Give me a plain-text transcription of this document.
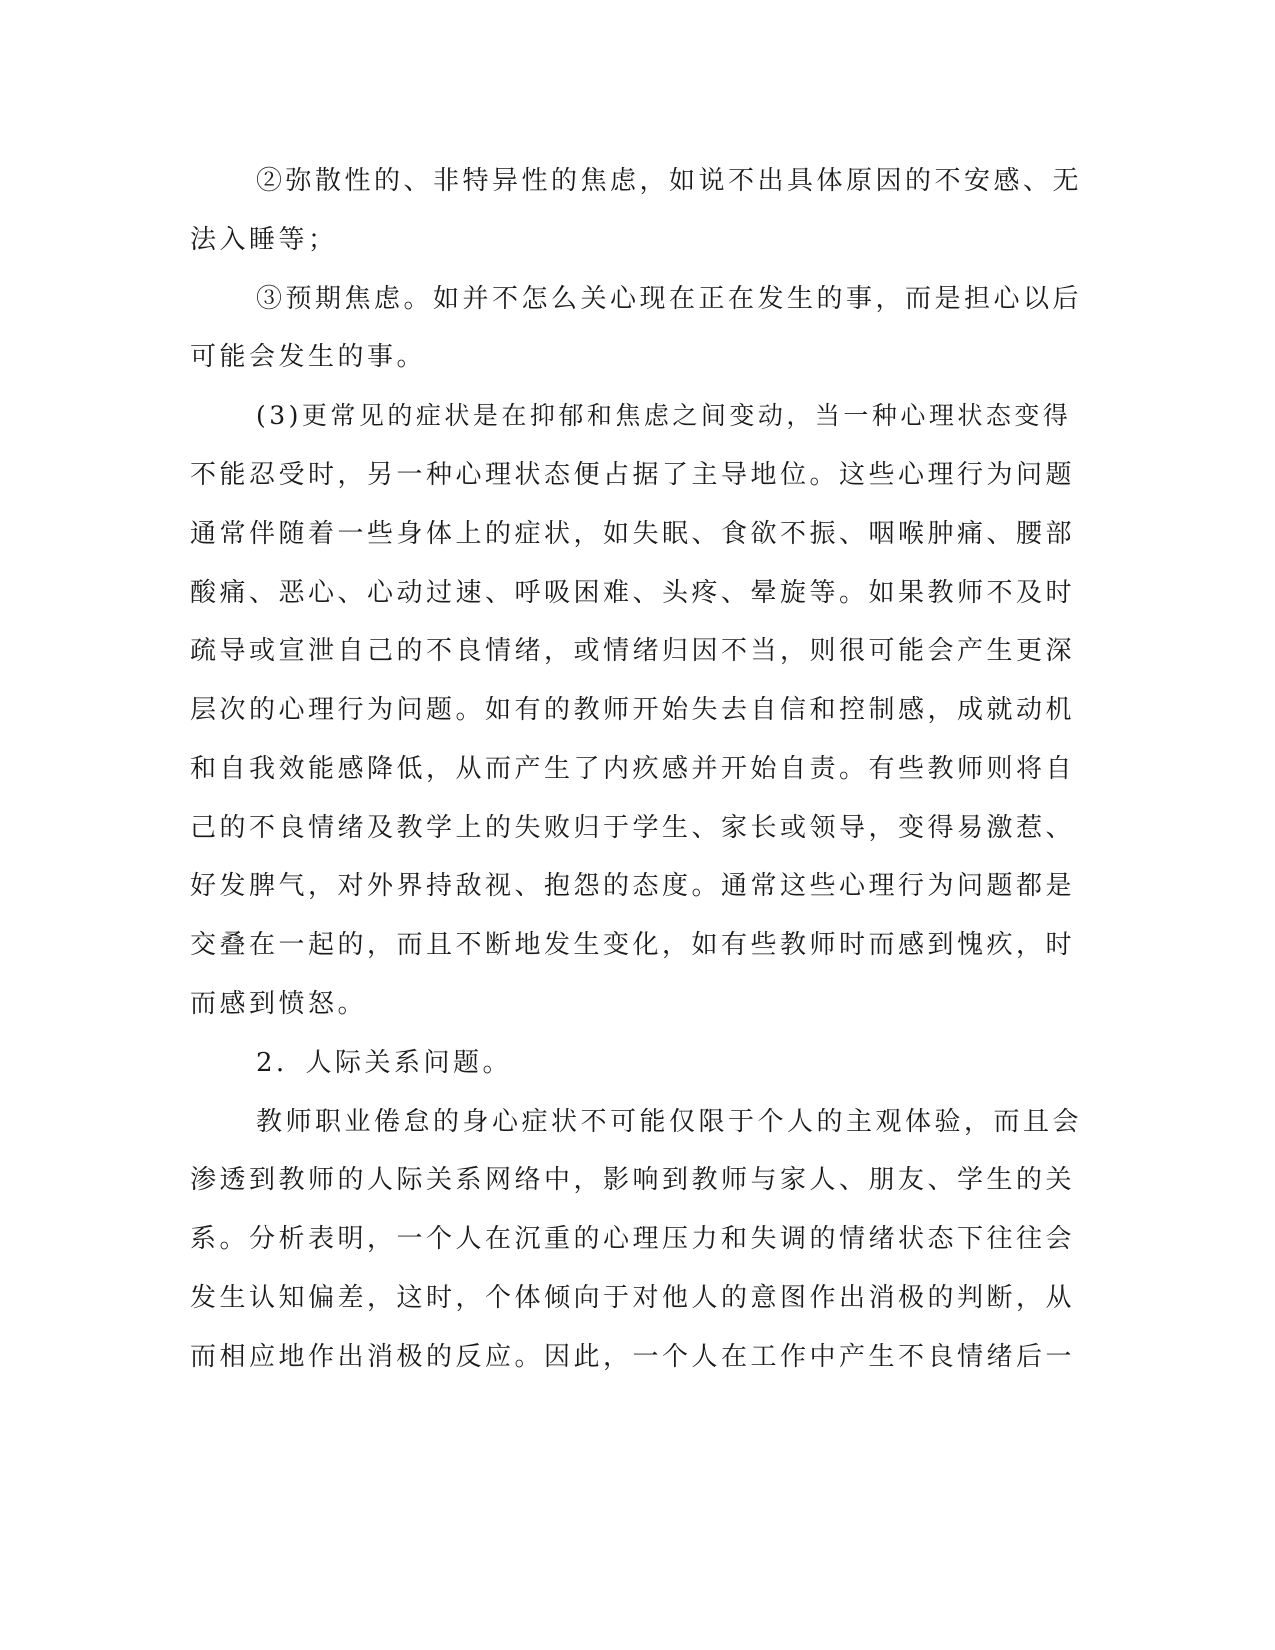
②弥散性的、非特异性的焦虑，如说不出具体原因的不安感、无

法入睡等；

③预期焦虑。如并不怎么关心现在正在发生的事，而是担心以后

可能会发生的事。

(3)更常见的症状是在抑郁和焦虑之间变动，当一种心理状态变得

不能忍受时，另一种心理状态便占据了主导地位。这些心理行为问题

通常伴随着一些身体上的症状，如失眠、食欲不振、咽喉肿痛、腰部

酸痛、恶心、心动过速、呼吸困难、头疼、晕旋等。如果教师不及时

疏导或宣泄自己的不良情绪，或情绪归因不当，则很可能会产生更深

层次的心理行为问题。如有的教师开始失去自信和控制感，成就动机

和自我效能感降低，从而产生了内疚感并开始自责。有些教师则将自

己的不良情绪及教学上的失败归于学生、家长或领导，变得易激惹、

好发脾气，对外界持敌视、抱怨的态度。通常这些心理行为问题都是

交叠在一起的，而且不断地发生变化，如有些教师时而感到愧疚，时

而感到愤怒。

2．人际关系问题。

教师职业倦怠的身心症状不可能仅限于个人的主观体验，而且会

渗透到教师的人际关系网络中，影响到教师与家人、朋友、学生的关

系。分析表明，一个人在沉重的心理压力和失调的情绪状态下往往会

发生认知偏差，这时，个体倾向于对他人的意图作出消极的判断，从

而相应地作出消极的反应。因此，一个人在工作中产生不良情绪后一
